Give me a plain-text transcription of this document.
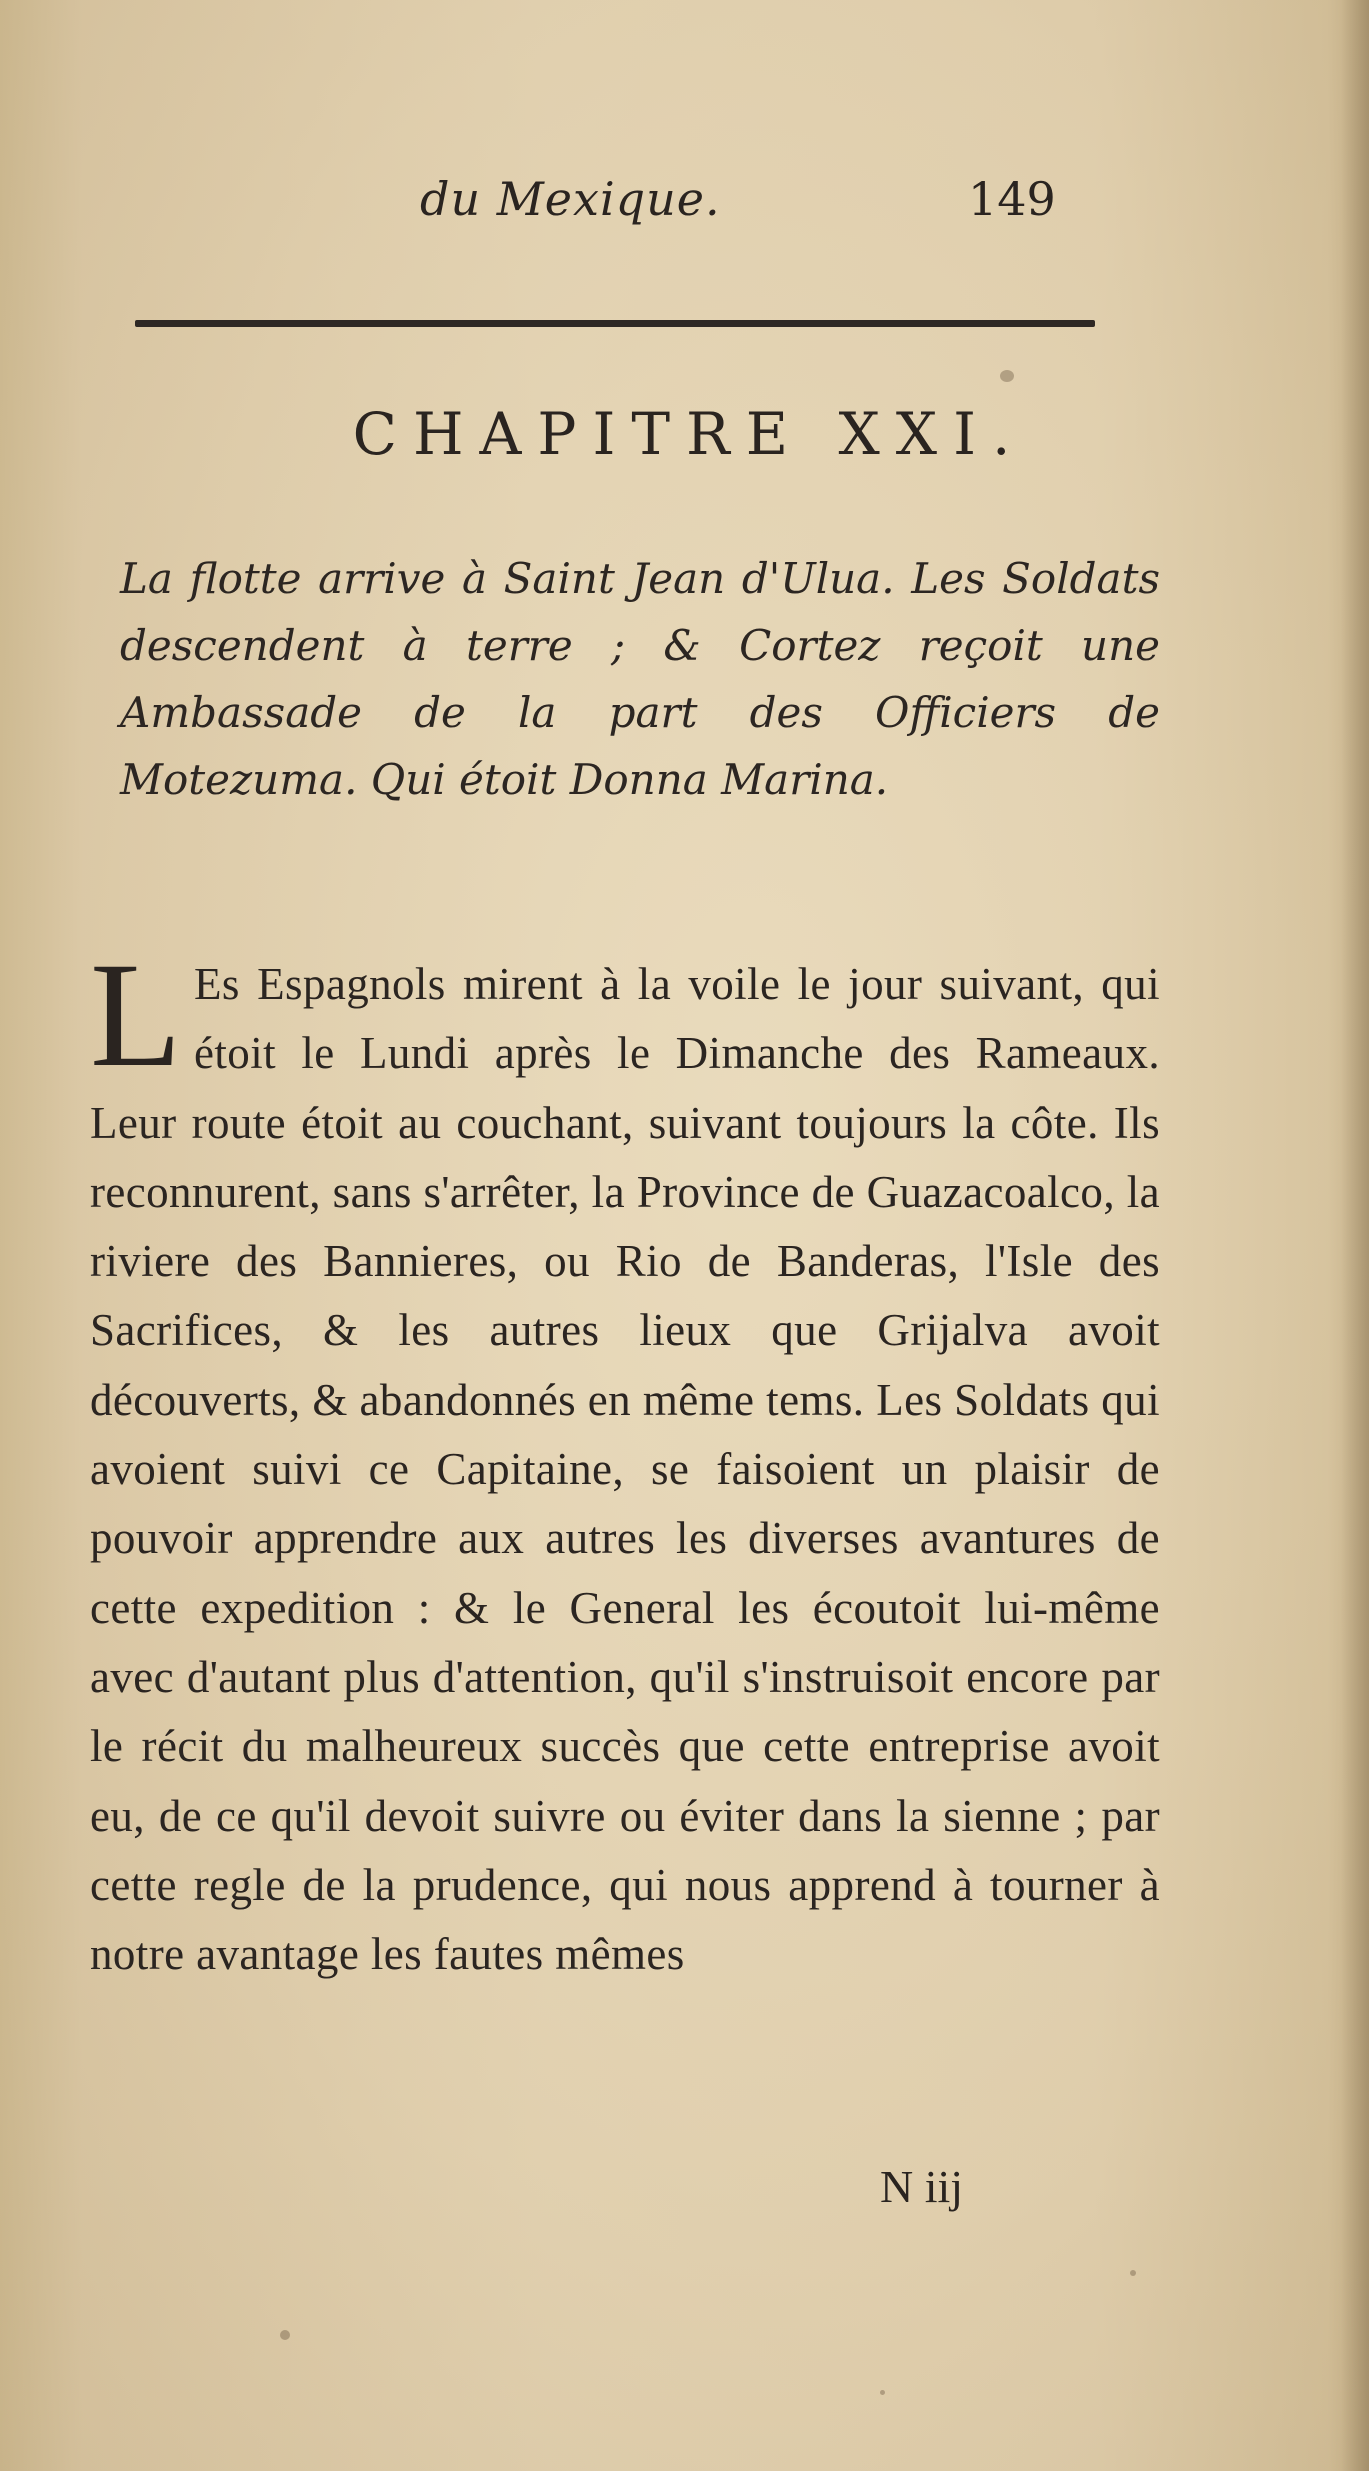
du Mexique.	149
CHAPITRE XXI.
La flotte arrive à Saint Jean d'Ulua. Les Soldats descendent à terre ; & Cortez reçoit une Ambassade de la part des Officiers de Motezuma. Qui étoit Donna Marina.
L Es Espagnols mirent à la voile le jour suivant, qui étoit le Lundi après le Dimanche des Rameaux. Leur route étoit au couchant, suivant toujours la côte. Ils reconnurent, sans s'arrêter, la Province de Guazacoalco, la riviere des Bannieres, ou Rio de Banderas, l'Isle des Sacrifices, & les autres lieux que Grijalva avoit découverts, & abandonnés en même tems. Les Soldats qui avoient suivi ce Capitaine, se faisoient un plaisir de pouvoir apprendre aux autres les diverses avantures de cette expedition : & le General les écoutoit lui-même avec d'autant plus d'attention, qu'il s'instruisoit encore par le récit du malheureux succès que cette entreprise avoit eu, de ce qu'il devoit suivre ou éviter dans la sienne ; par cette regle de la prudence, qui nous apprend à tourner à notre avantage les fautes mêmes
N iij
